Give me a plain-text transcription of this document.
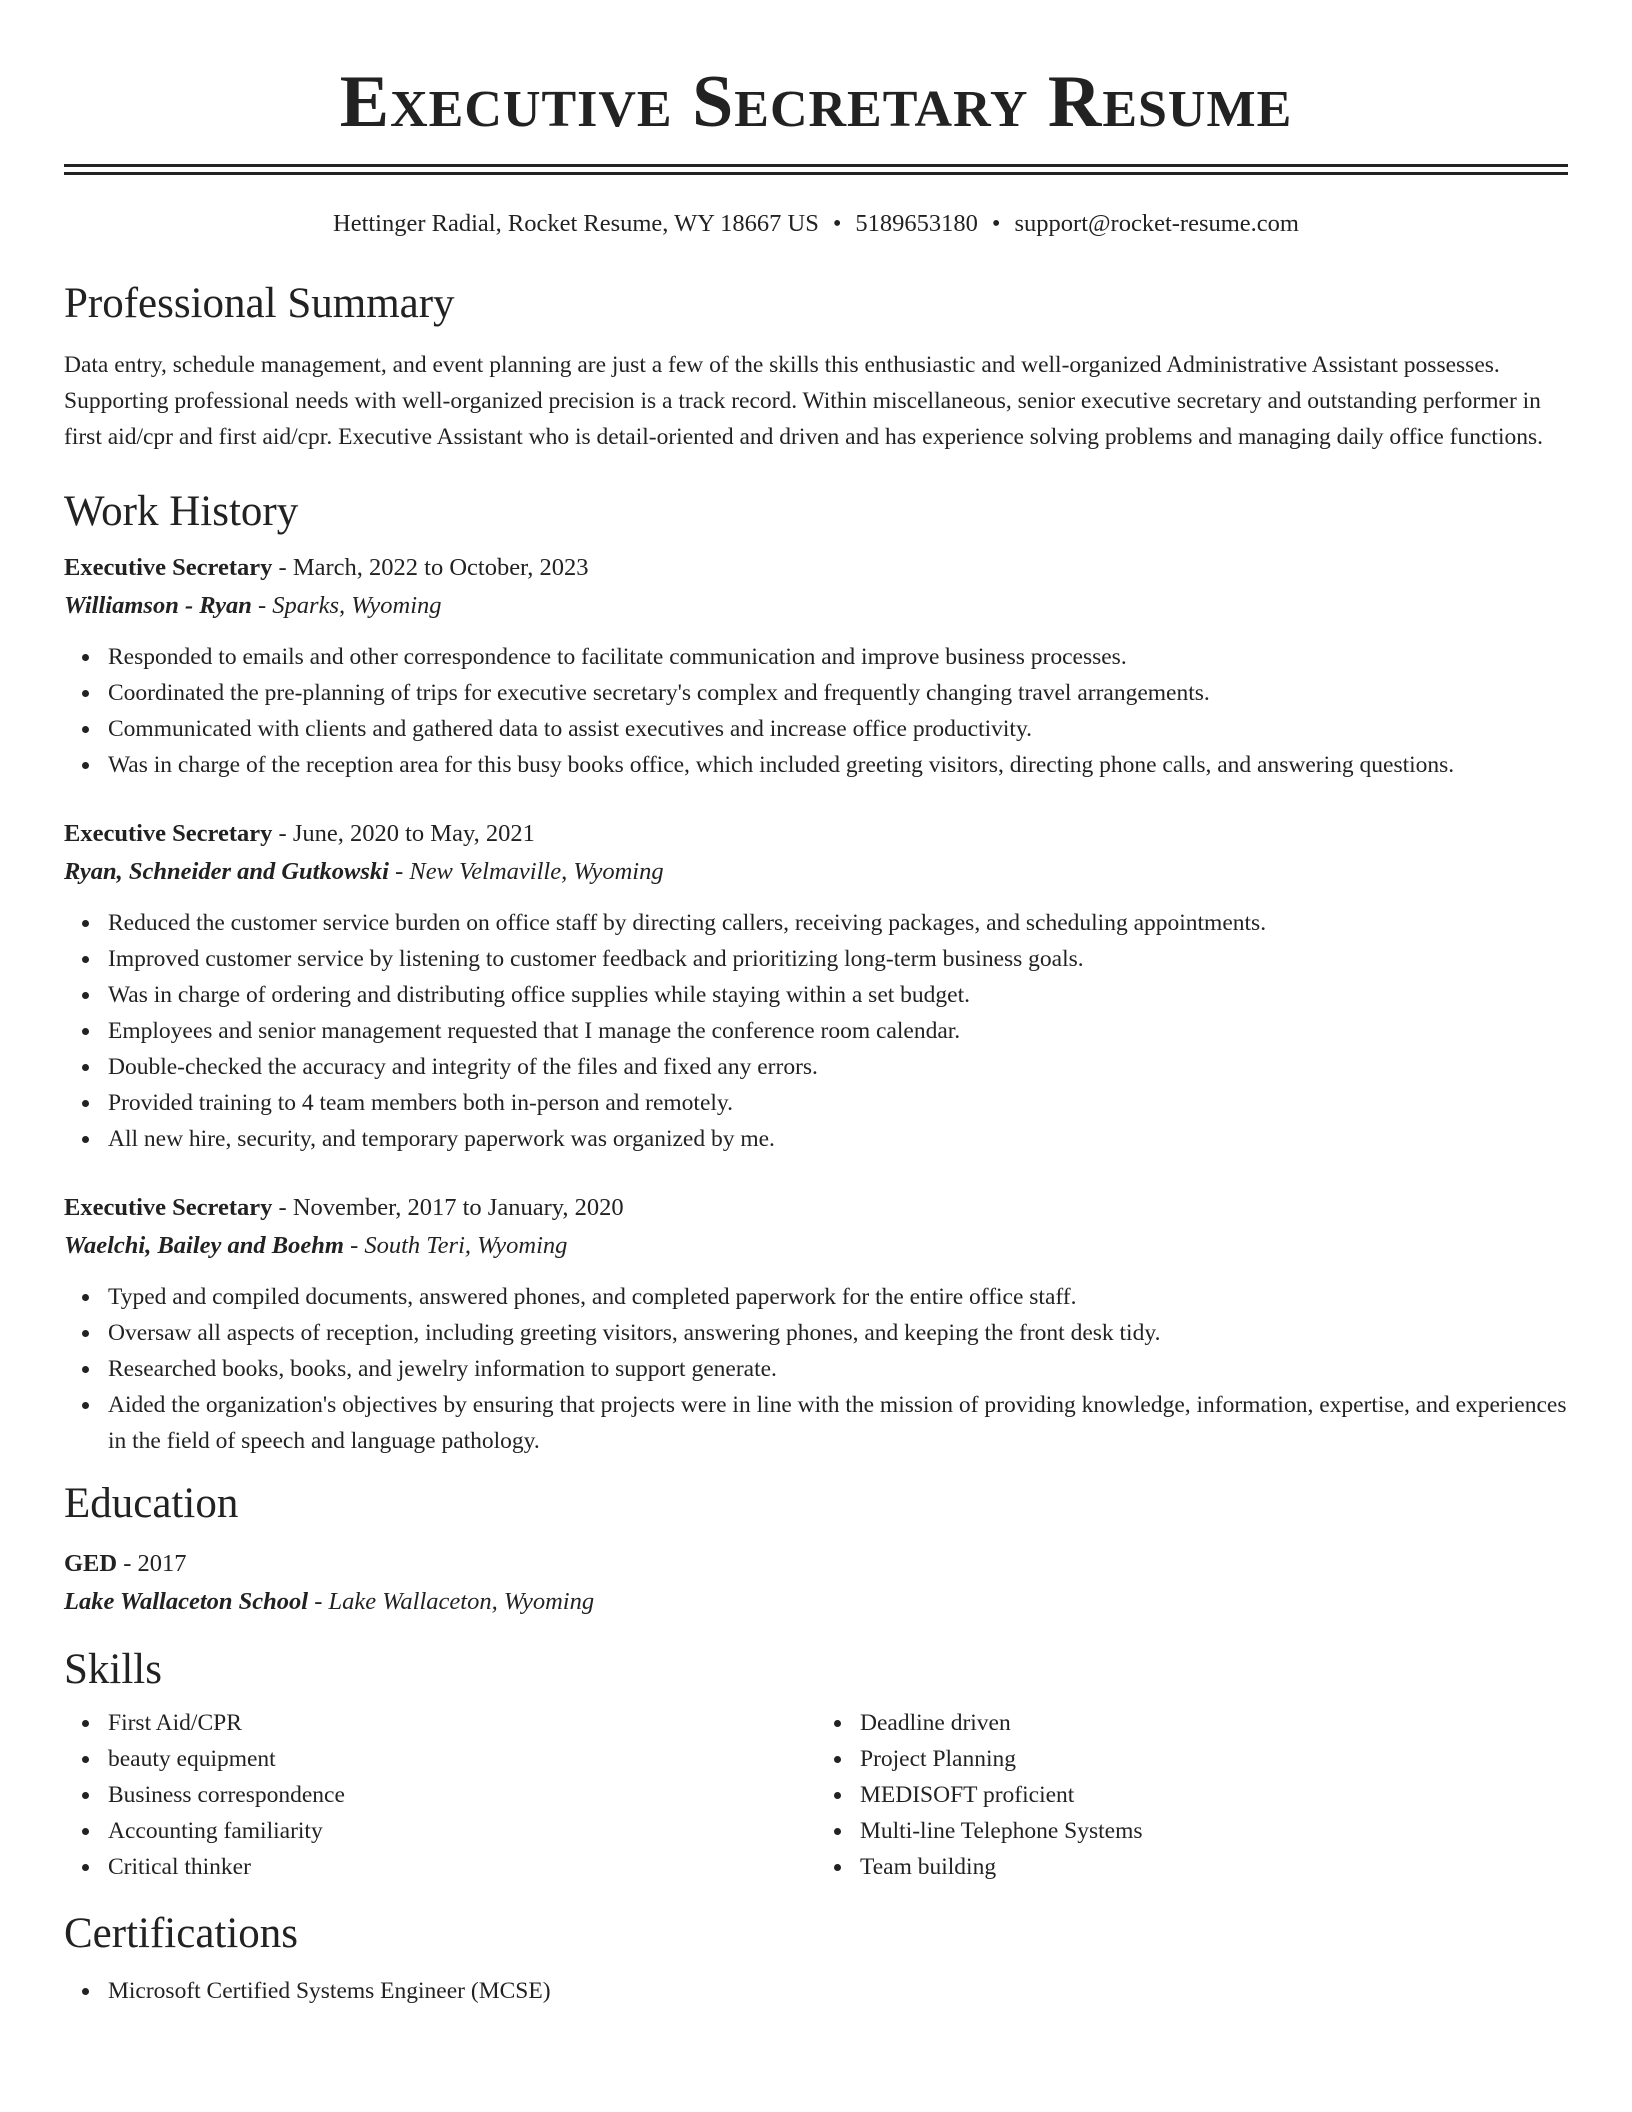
Executive Secretary Resume
Hettinger Radial, Rocket Resume, WY 18667 US • 5189653180 • support@rocket-resume.com
Professional Summary

Data entry, schedule management, and event planning are just a few of the skills this enthusiastic and well-organized Administrative Assistant possesses. Supporting professional needs with well-organized precision is a track record. Within miscellaneous, senior executive secretary and outstanding performer in first aid/cpr and first aid/cpr. Executive Assistant who is detail-oriented and driven and has experience solving problems and managing daily office functions.

Work History
Executive Secretary - March, 2022 to October, 2023
Williamson - Ryan - Sparks, Wyoming
Responded to emails and other correspondence to facilitate communication and improve business processes.
Coordinated the pre-planning of trips for executive secretary's complex and frequently changing travel arrangements.
Communicated with clients and gathered data to assist executives and increase office productivity.
Was in charge of the reception area for this busy books office, which included greeting visitors, directing phone calls, and answering questions.
Executive Secretary - June, 2020 to May, 2021
Ryan, Schneider and Gutkowski - New Velmaville, Wyoming
Reduced the customer service burden on office staff by directing callers, receiving packages, and scheduling appointments.
Improved customer service by listening to customer feedback and prioritizing long-term business goals.
Was in charge of ordering and distributing office supplies while staying within a set budget.
Employees and senior management requested that I manage the conference room calendar.
Double-checked the accuracy and integrity of the files and fixed any errors.
Provided training to 4 team members both in-person and remotely.
All new hire, security, and temporary paperwork was organized by me.
Executive Secretary - November, 2017 to January, 2020
Waelchi, Bailey and Boehm - South Teri, Wyoming
Typed and compiled documents, answered phones, and completed paperwork for the entire office staff.
Oversaw all aspects of reception, including greeting visitors, answering phones, and keeping the front desk tidy.
Researched books, books, and jewelry information to support generate.
Aided the organization's objectives by ensuring that projects were in line with the mission of providing knowledge, information, expertise, and experiences in the field of speech and language pathology.
Education
GED - 2017
Lake Wallaceton School - Lake Wallaceton, Wyoming
Skills
First Aid/CPR
beauty equipment
Business correspondence
Accounting familiarity
Critical thinker
Deadline driven
Project Planning
MEDISOFT proficient
Multi-line Telephone Systems
Team building
Certifications
Microsoft Certified Systems Engineer (MCSE)
